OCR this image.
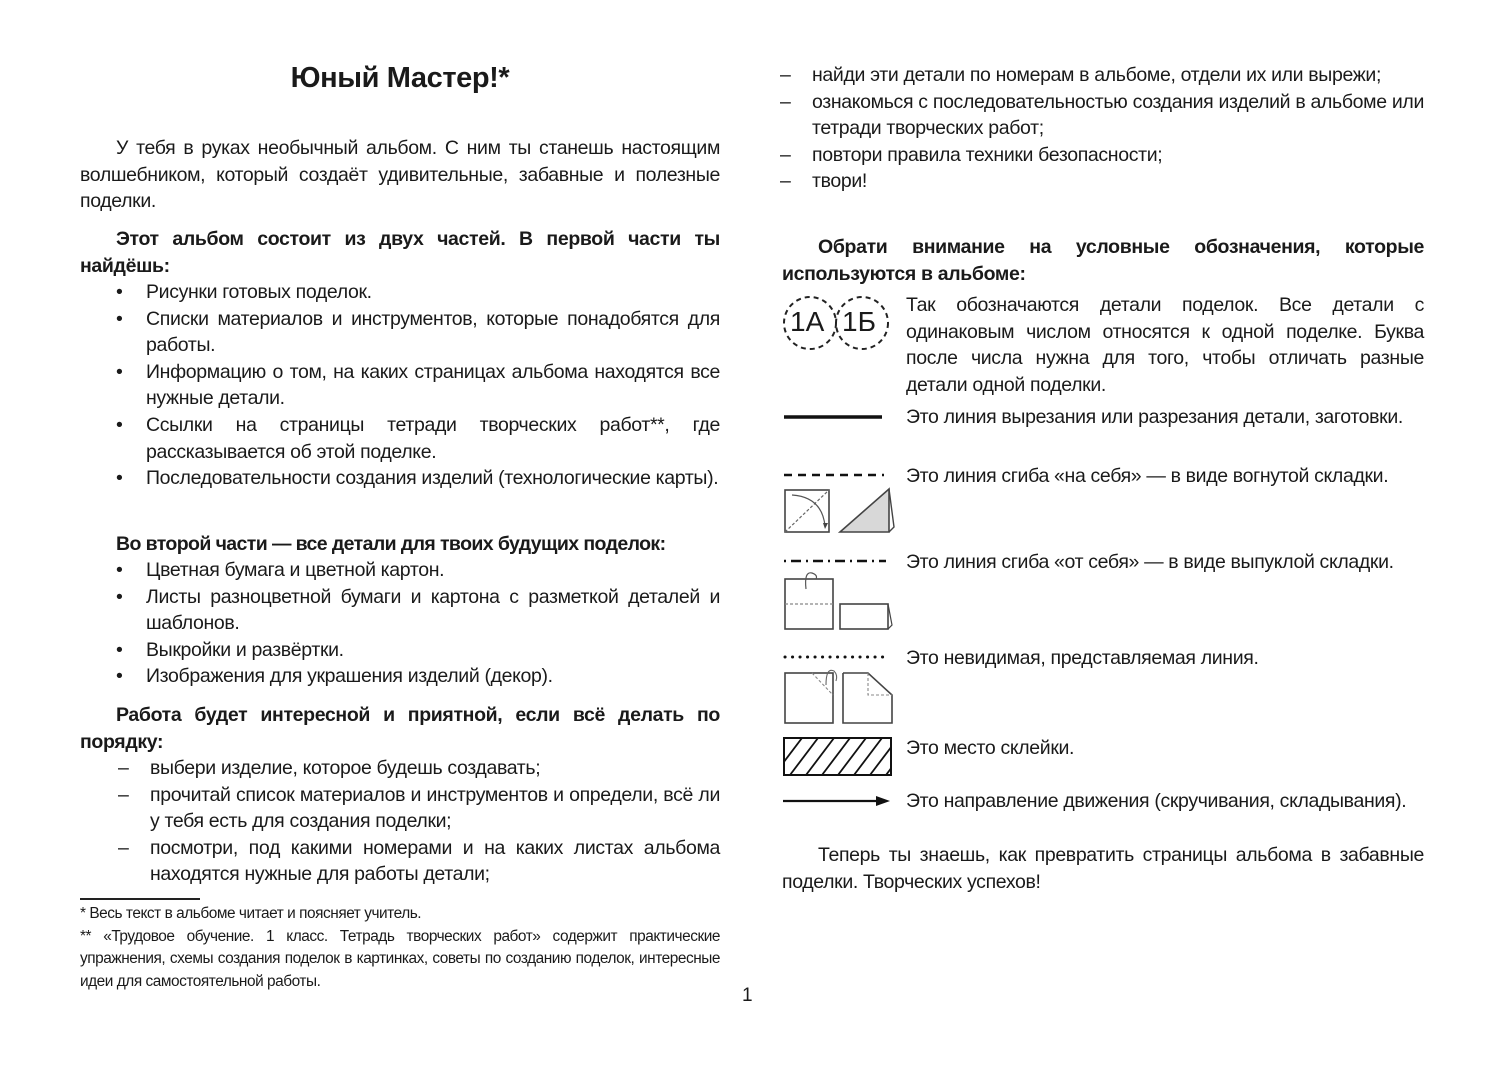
Юный Мастер!*

У тебя в руках необычный альбом. С ним ты станешь настоящим волшебником, который создаёт удивительные, забавные и полезные поделки.

Этот альбом состоит из двух частей. В первой части ты найдёшь:

•	Рисунки готовых поделок.
•	Списки материалов и инструментов, которые понадобятся для работы.
•	Информацию о том, на каких страницах альбома находятся все нужные детали.
•	Ссылки на страницы тетради творческих работ**, где рассказывается об этой поделке.
•	Последовательности создания изделий (технологические карты).

Во второй части — все детали для твоих будущих поделок:

•	Цветная бумага и цветной картон.
•	Листы разноцветной бумаги и картона с разметкой деталей и шаблонов.
•	Выкройки и развёртки.
•	Изображения для украшения изделий (декор).

Работа будет интересной и приятной, если всё делать по порядку:

– выбери изделие, которое будешь создавать;
– прочитай список материалов и инструментов и определи, всё ли у тебя есть для создания поделки;
– посмотри, под какими номерами и на каких листах альбома находятся нужные для работы детали;

* Весь текст в альбоме читает и поясняет учитель.

** «Трудовое обучение. 1 класс. Тетрадь творческих работ» содержит практические упражнения, схемы создания поделок в картинках, советы по созданию поделок, интересные идеи для самостоятельной работы.

1
– найди эти детали по номерам в альбоме, отдели их или вырежи;
– ознакомься с последовательностью создания изделий в альбоме или тетради творческих работ;
– повтори правила техники безопасности;
– твори!

Обрати внимание на условные обозначения, которые используются в альбоме:

1А 1Б

Так обозначаются детали поделок. Все детали с одинаковым числом относятся к одной поделке. Буква после числа нужна для того, чтобы отличать разные детали одной поделки.

Это линия вырезания или разрезания детали, заготовки.

Это линия сгиба «на себя» — в виде вогнутой складки.

Это линия сгиба «от себя» — в виде выпуклой складки.

Это невидимая, представляемая линия.

Это место склейки.

Это направление движения (скручивания, складывания).

Теперь ты знаешь, как превратить страницы альбома в забавные поделки. Творческих успехов!
